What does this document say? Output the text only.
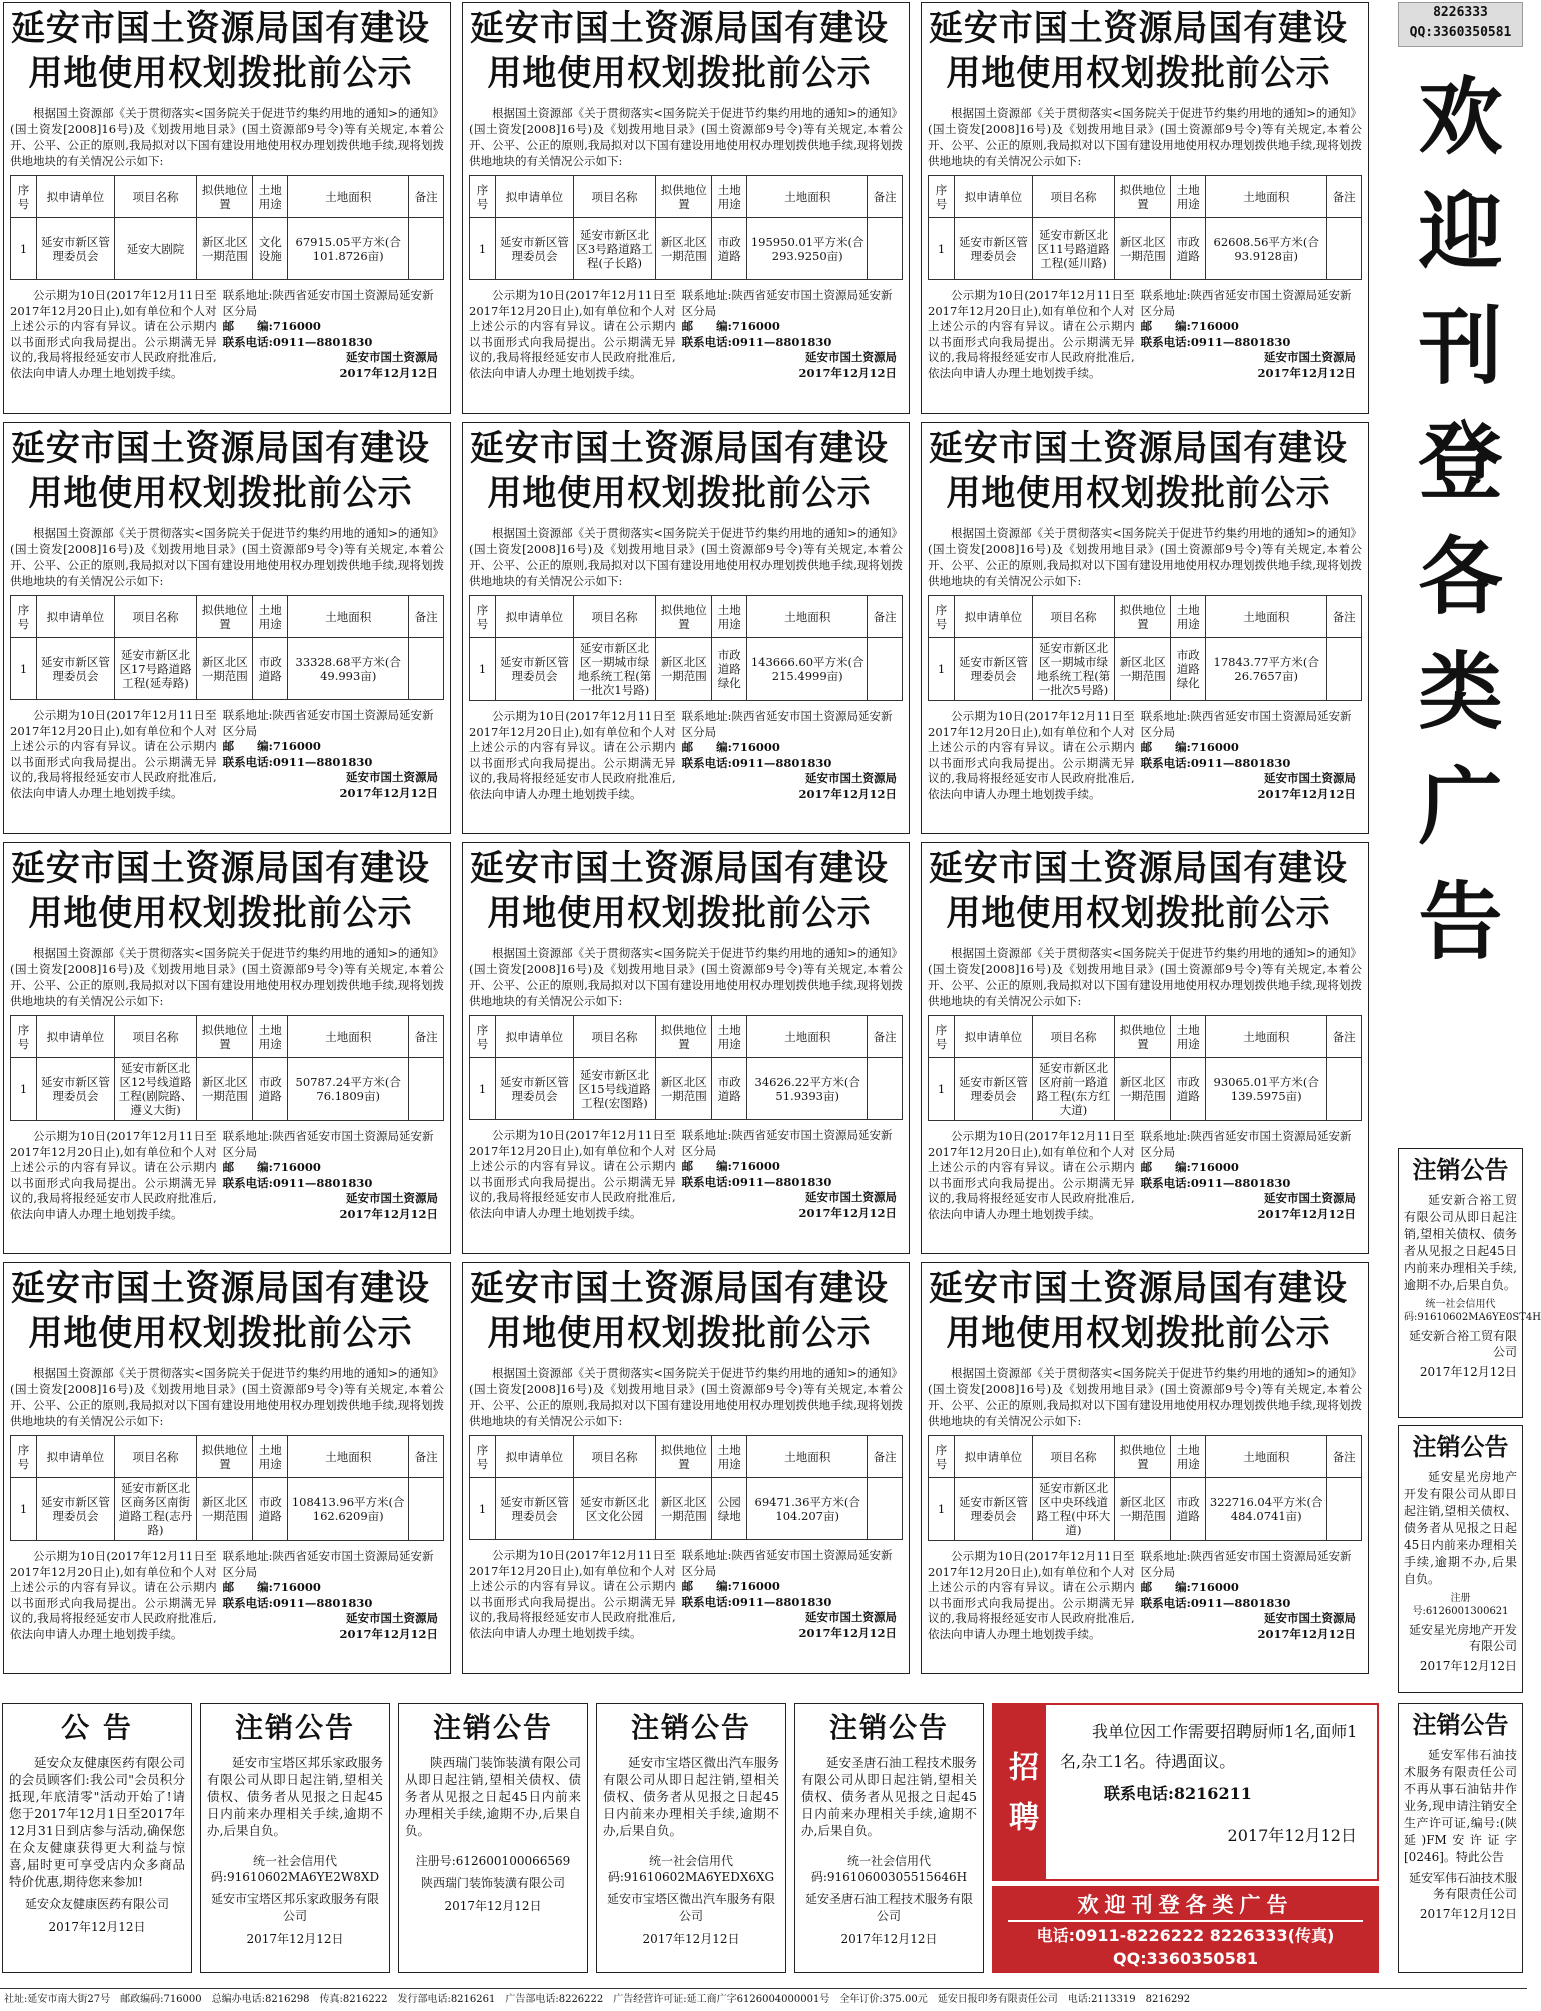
延安市国土资源局国有建设
用地使用权划拨批前公示
根据国土资源部《关于贯彻落实<国务院关于促进节约集约用地的通知>的通知》(国土资发[2008]16号)及《划拨用地目录》(国土资源部9号令)等有关规定,本着公开、公平、公正的原则,我局拟对以下国有建设用地使用权办理划拨供地手续,现将划拨供地地块的有关情况公示如下:
序号	拟申请单位	项目名称	拟供地位置	土地用途	土地面积	备注
1	延安市新区管理委员会	延安大剧院	新区北区一期范围	文化设施	67915.05平方米(合101.8726亩)	
公示期为10日(2017年12月11日至2017年12月20日止),如有单位和个人对上述公示的内容有异议。请在公示期内以书面形式向我局提出。公示期满无异议的,我局将报经延安市人民政府批准后,依法向申请人办理土地划拨手续。
联系地址:陕西省延安市国土资源局延安新区分局
邮　　编:716000
联系电话:0911—8801830
延安市国土资源局
2017年12月12日
延安市国土资源局国有建设
用地使用权划拨批前公示
根据国土资源部《关于贯彻落实<国务院关于促进节约集约用地的通知>的通知》(国土资发[2008]16号)及《划拨用地目录》(国土资源部9号令)等有关规定,本着公开、公平、公正的原则,我局拟对以下国有建设用地使用权办理划拨供地手续,现将划拨供地地块的有关情况公示如下:
序号	拟申请单位	项目名称	拟供地位置	土地用途	土地面积	备注
1	延安市新区管理委员会	延安市新区北区3号路道路工程(子长路)	新区北区一期范围	市政道路	195950.01平方米(合293.9250亩)	
公示期为10日(2017年12月11日至2017年12月20日止),如有单位和个人对上述公示的内容有异议。请在公示期内以书面形式向我局提出。公示期满无异议的,我局将报经延安市人民政府批准后,依法向申请人办理土地划拨手续。
联系地址:陕西省延安市国土资源局延安新区分局
邮　　编:716000
联系电话:0911—8801830
延安市国土资源局
2017年12月12日
延安市国土资源局国有建设
用地使用权划拨批前公示
根据国土资源部《关于贯彻落实<国务院关于促进节约集约用地的通知>的通知》(国土资发[2008]16号)及《划拨用地目录》(国土资源部9号令)等有关规定,本着公开、公平、公正的原则,我局拟对以下国有建设用地使用权办理划拨供地手续,现将划拨供地地块的有关情况公示如下:
序号	拟申请单位	项目名称	拟供地位置	土地用途	土地面积	备注
1	延安市新区管理委员会	延安市新区北区11号路道路工程(延川路)	新区北区一期范围	市政道路	62608.56平方米(合93.9128亩)	
公示期为10日(2017年12月11日至2017年12月20日止),如有单位和个人对上述公示的内容有异议。请在公示期内以书面形式向我局提出。公示期满无异议的,我局将报经延安市人民政府批准后,依法向申请人办理土地划拨手续。
联系地址:陕西省延安市国土资源局延安新区分局
邮　　编:716000
联系电话:0911—8801830
延安市国土资源局
2017年12月12日
延安市国土资源局国有建设
用地使用权划拨批前公示
根据国土资源部《关于贯彻落实<国务院关于促进节约集约用地的通知>的通知》(国土资发[2008]16号)及《划拨用地目录》(国土资源部9号令)等有关规定,本着公开、公平、公正的原则,我局拟对以下国有建设用地使用权办理划拨供地手续,现将划拨供地地块的有关情况公示如下:
序号	拟申请单位	项目名称	拟供地位置	土地用途	土地面积	备注
1	延安市新区管理委员会	延安市新区北区17号路道路工程(延寿路)	新区北区一期范围	市政道路	33328.68平方米(合49.993亩)	
公示期为10日(2017年12月11日至2017年12月20日止),如有单位和个人对上述公示的内容有异议。请在公示期内以书面形式向我局提出。公示期满无异议的,我局将报经延安市人民政府批准后,依法向申请人办理土地划拨手续。
联系地址:陕西省延安市国土资源局延安新区分局
邮　　编:716000
联系电话:0911—8801830
延安市国土资源局
2017年12月12日
延安市国土资源局国有建设
用地使用权划拨批前公示
根据国土资源部《关于贯彻落实<国务院关于促进节约集约用地的通知>的通知》(国土资发[2008]16号)及《划拨用地目录》(国土资源部9号令)等有关规定,本着公开、公平、公正的原则,我局拟对以下国有建设用地使用权办理划拨供地手续,现将划拨供地地块的有关情况公示如下:
序号	拟申请单位	项目名称	拟供地位置	土地用途	土地面积	备注
1	延安市新区管理委员会	延安市新区北区一期城市绿地系统工程(第一批次1号路)	新区北区一期范围	市政道路绿化	143666.60平方米(合215.4999亩)	
公示期为10日(2017年12月11日至2017年12月20日止),如有单位和个人对上述公示的内容有异议。请在公示期内以书面形式向我局提出。公示期满无异议的,我局将报经延安市人民政府批准后,依法向申请人办理土地划拨手续。
联系地址:陕西省延安市国土资源局延安新区分局
邮　　编:716000
联系电话:0911—8801830
延安市国土资源局
2017年12月12日
延安市国土资源局国有建设
用地使用权划拨批前公示
根据国土资源部《关于贯彻落实<国务院关于促进节约集约用地的通知>的通知》(国土资发[2008]16号)及《划拨用地目录》(国土资源部9号令)等有关规定,本着公开、公平、公正的原则,我局拟对以下国有建设用地使用权办理划拨供地手续,现将划拨供地地块的有关情况公示如下:
序号	拟申请单位	项目名称	拟供地位置	土地用途	土地面积	备注
1	延安市新区管理委员会	延安市新区北区一期城市绿地系统工程(第一批次5号路)	新区北区一期范围	市政道路绿化	17843.77平方米(合26.7657亩)	
公示期为10日(2017年12月11日至2017年12月20日止),如有单位和个人对上述公示的内容有异议。请在公示期内以书面形式向我局提出。公示期满无异议的,我局将报经延安市人民政府批准后,依法向申请人办理土地划拨手续。
联系地址:陕西省延安市国土资源局延安新区分局
邮　　编:716000
联系电话:0911—8801830
延安市国土资源局
2017年12月12日
延安市国土资源局国有建设
用地使用权划拨批前公示
根据国土资源部《关于贯彻落实<国务院关于促进节约集约用地的通知>的通知》(国土资发[2008]16号)及《划拨用地目录》(国土资源部9号令)等有关规定,本着公开、公平、公正的原则,我局拟对以下国有建设用地使用权办理划拨供地手续,现将划拨供地地块的有关情况公示如下:
序号	拟申请单位	项目名称	拟供地位置	土地用途	土地面积	备注
1	延安市新区管理委员会	延安市新区北区12号线道路工程(剧院路、遵义大街)	新区北区一期范围	市政道路	50787.24平方米(合76.1809亩)	
公示期为10日(2017年12月11日至2017年12月20日止),如有单位和个人对上述公示的内容有异议。请在公示期内以书面形式向我局提出。公示期满无异议的,我局将报经延安市人民政府批准后,依法向申请人办理土地划拨手续。
联系地址:陕西省延安市国土资源局延安新区分局
邮　　编:716000
联系电话:0911—8801830
延安市国土资源局
2017年12月12日
延安市国土资源局国有建设
用地使用权划拨批前公示
根据国土资源部《关于贯彻落实<国务院关于促进节约集约用地的通知>的通知》(国土资发[2008]16号)及《划拨用地目录》(国土资源部9号令)等有关规定,本着公开、公平、公正的原则,我局拟对以下国有建设用地使用权办理划拨供地手续,现将划拨供地地块的有关情况公示如下:
序号	拟申请单位	项目名称	拟供地位置	土地用途	土地面积	备注
1	延安市新区管理委员会	延安市新区北区15号线道路工程(宏图路)	新区北区一期范围	市政道路	34626.22平方米(合51.9393亩)	
公示期为10日(2017年12月11日至2017年12月20日止),如有单位和个人对上述公示的内容有异议。请在公示期内以书面形式向我局提出。公示期满无异议的,我局将报经延安市人民政府批准后,依法向申请人办理土地划拨手续。
联系地址:陕西省延安市国土资源局延安新区分局
邮　　编:716000
联系电话:0911—8801830
延安市国土资源局
2017年12月12日
延安市国土资源局国有建设
用地使用权划拨批前公示
根据国土资源部《关于贯彻落实<国务院关于促进节约集约用地的通知>的通知》(国土资发[2008]16号)及《划拨用地目录》(国土资源部9号令)等有关规定,本着公开、公平、公正的原则,我局拟对以下国有建设用地使用权办理划拨供地手续,现将划拨供地地块的有关情况公示如下:
序号	拟申请单位	项目名称	拟供地位置	土地用途	土地面积	备注
1	延安市新区管理委员会	延安市新区北区府前一路道路工程(东方红大道)	新区北区一期范围	市政道路	93065.01平方米(合139.5975亩)	
公示期为10日(2017年12月11日至2017年12月20日止),如有单位和个人对上述公示的内容有异议。请在公示期内以书面形式向我局提出。公示期满无异议的,我局将报经延安市人民政府批准后,依法向申请人办理土地划拨手续。
联系地址:陕西省延安市国土资源局延安新区分局
邮　　编:716000
联系电话:0911—8801830
延安市国土资源局
2017年12月12日
延安市国土资源局国有建设
用地使用权划拨批前公示
根据国土资源部《关于贯彻落实<国务院关于促进节约集约用地的通知>的通知》(国土资发[2008]16号)及《划拨用地目录》(国土资源部9号令)等有关规定,本着公开、公平、公正的原则,我局拟对以下国有建设用地使用权办理划拨供地手续,现将划拨供地地块的有关情况公示如下:
序号	拟申请单位	项目名称	拟供地位置	土地用途	土地面积	备注
1	延安市新区管理委员会	延安市新区北区商务区南街道路工程(志丹路)	新区北区一期范围	市政道路	108413.96平方米(合162.6209亩)	
公示期为10日(2017年12月11日至2017年12月20日止),如有单位和个人对上述公示的内容有异议。请在公示期内以书面形式向我局提出。公示期满无异议的,我局将报经延安市人民政府批准后,依法向申请人办理土地划拨手续。
联系地址:陕西省延安市国土资源局延安新区分局
邮　　编:716000
联系电话:0911—8801830
延安市国土资源局
2017年12月12日
延安市国土资源局国有建设
用地使用权划拨批前公示
根据国土资源部《关于贯彻落实<国务院关于促进节约集约用地的通知>的通知》(国土资发[2008]16号)及《划拨用地目录》(国土资源部9号令)等有关规定,本着公开、公平、公正的原则,我局拟对以下国有建设用地使用权办理划拨供地手续,现将划拨供地地块的有关情况公示如下:
序号	拟申请单位	项目名称	拟供地位置	土地用途	土地面积	备注
1	延安市新区管理委员会	延安市新区北区文化公园	新区北区一期范围	公园绿地	69471.36平方米(合104.207亩)	
公示期为10日(2017年12月11日至2017年12月20日止),如有单位和个人对上述公示的内容有异议。请在公示期内以书面形式向我局提出。公示期满无异议的,我局将报经延安市人民政府批准后,依法向申请人办理土地划拨手续。
联系地址:陕西省延安市国土资源局延安新区分局
邮　　编:716000
联系电话:0911—8801830
延安市国土资源局
2017年12月12日
延安市国土资源局国有建设
用地使用权划拨批前公示
根据国土资源部《关于贯彻落实<国务院关于促进节约集约用地的通知>的通知》(国土资发[2008]16号)及《划拨用地目录》(国土资源部9号令)等有关规定,本着公开、公平、公正的原则,我局拟对以下国有建设用地使用权办理划拨供地手续,现将划拨供地地块的有关情况公示如下:
序号	拟申请单位	项目名称	拟供地位置	土地用途	土地面积	备注
1	延安市新区管理委员会	延安市新区北区中央环线道路工程(中环大道)	新区北区一期范围	市政道路	322716.04平方米(合484.0741亩)	
公示期为10日(2017年12月11日至2017年12月20日止),如有单位和个人对上述公示的内容有异议。请在公示期内以书面形式向我局提出。公示期满无异议的,我局将报经延安市人民政府批准后,依法向申请人办理土地划拨手续。
联系地址:陕西省延安市国土资源局延安新区分局
邮　　编:716000
联系电话:0911—8801830
延安市国土资源局
2017年12月12日
8226333
QQ:3360350581
欢
迎
刊
登
各
类
广
告
注销公告
延安新合裕工贸有限公司从即日起注销,望相关债权、债务者从见报之日起45日内前来办理相关手续,逾期不办,后果自负。
统一社会信用代码:91610602MA6YE0ST4H
延安新合裕工贸有限公司
2017年12月12日
注销公告
延安星光房地产开发有限公司从即日起注销,望相关债权、债务者从见报之日起45日内前来办理相关手续,逾期不办,后果自负。
注册号:6126001300621
延安星光房地产开发有限公司
2017年12月12日
注销公告
延安军伟石油技术服务有限责任公司不再从事石油钻井作业务,现申请注销安全生产许可证,编号:(陕延)FM安许证字[0246]。特此公告
延安军伟石油技术服务有限责任公司
2017年12月12日
公 告
延安众友健康医药有限公司的会员顾客们:我公司"会员积分抵现,年底清零"活动开始了!请您于2017年12月1日至2017年12月31日到店参与活动,确保您在众友健康获得更大利益与惊喜,届时更可享受店内众多商品特价优惠,期待您来参加!
延安众友健康医药有限公司
2017年12月12日
注销公告
延安市宝塔区邦乐家政服务有限公司从即日起注销,望相关债权、债务者从见报之日起45日内前来办理相关手续,逾期不办,后果自负。
统一社会信用代码:91610602MA6YE2W8XD
延安市宝塔区邦乐家政服务有限公司
2017年12月12日
注销公告
陕西瑞门装饰装潢有限公司从即日起注销,望相关债权、债务者从见报之日起45日内前来办理相关手续,逾期不办,后果自负。
注册号:612600100066569
陕西瑞门装饰装潢有限公司
2017年12月12日
注销公告
延安市宝塔区微出汽车服务有限公司从即日起注销,望相关债权、债务者从见报之日起45日内前来办理相关手续,逾期不办,后果自负。
统一社会信用代码:91610602MA6YEDX6XG
延安市宝塔区微出汽车服务有限公司
2017年12月12日
注销公告
延安圣唐石油工程技术服务有限公司从即日起注销,望相关债权、债务者从见报之日起45日内前来办理相关手续,逾期不办,后果自负。
统一社会信用代码:91610600305515646H
延安圣唐石油工程技术服务有限公司
2017年12月12日
招聘
我单位因工作需要招聘厨师1名,面师1名,杂工1名。待遇面议。
联系电话:8216211
2017年12月12日
欢迎刊登各类广告
电话:0911-8226222 8226333(传真)
QQ:3360350581
社址:延安市南大街27号　邮政编码:716000　总编办电话:8216298　传真:8216222　发行部电话:8216261　广告部电话:8226222　广告经营许可证:延工商广字6126004000001号　全年订价:375.00元　延安日报印务有限责任公司　电话:2113319　8216292
